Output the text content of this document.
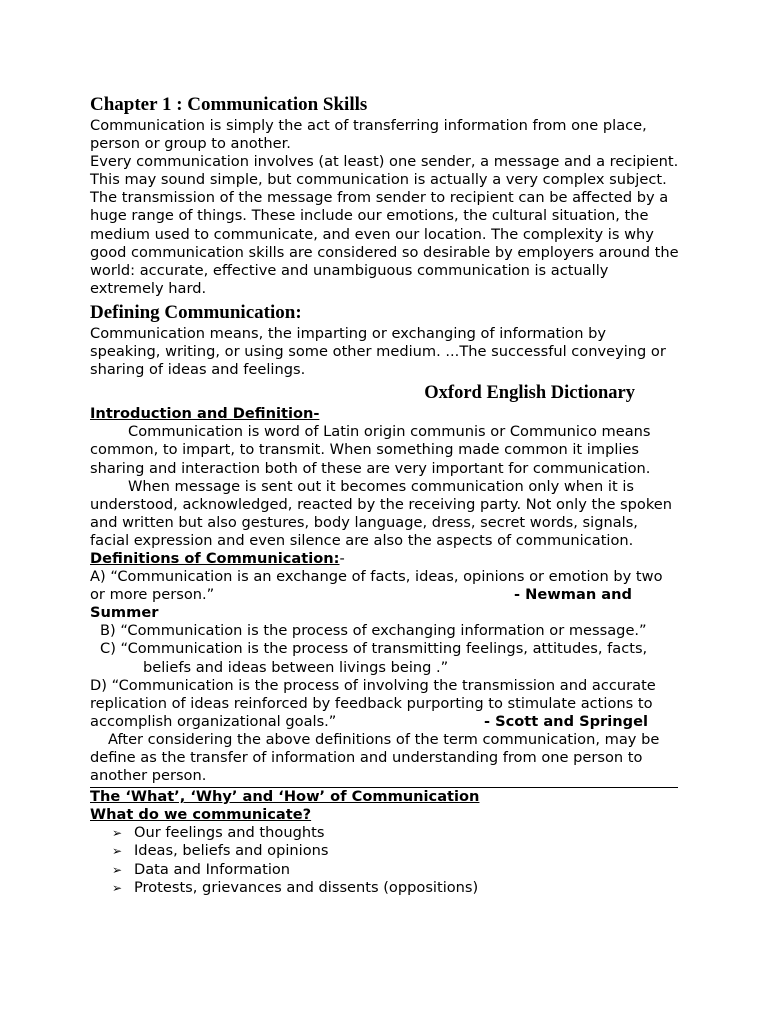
Chapter 1 : Communication Skills

Communication is simply the act of transferring information from one place, person or group to another.

Every communication involves (at least) one sender, a message and a recipient. This may sound simple, but communication is actually a very complex subject.

The transmission of the message from sender to recipient can be affected by a huge range of things. These include our emotions, the cultural situation, the medium used to communicate, and even our location. The complexity is why good communication skills are considered so desirable by employers around the world: accurate, effective and unambiguous communication is actually extremely hard.

Defining Communication:

Communication means, the imparting or exchanging of information by speaking, writing, or using some other medium. ...The successful conveying or sharing of ideas and feelings.

Oxford English Dictionary
Introduction and Definition-

Communication is word of Latin origin communis or Communico means common, to impart, to transmit. When something made common it implies sharing and interaction both of these are very important for communication.

When message is sent out it becomes communication only when it is understood, acknowledged, reacted by the receiving party. Not only the spoken and written but also gestures, body language, dress, secret words, signals, facial expression and even silence are also the aspects of communication.

Definitions of Communication:-
A) “Communication is an exchange of facts, ideas, opinions or emotion by two or more person.”	- Newman and
Summer
B) “Communication is the process of exchanging information or message.”
C) “Communication is the process of transmitting feelings, attitudes, facts,
beliefs and ideas between livings being .”
D) “Communication is the process of involving the transmission and accurate replication of ideas reinforced by feedback purporting to stimulate actions to accomplish organizational goals.”	- Scott and Springel

After considering the above definitions of the term communication, may be define as the transfer of information and understanding from one person to another person.

The ‘What’, ‘Why’ and ‘How’ of Communication
What do we communicate?
➢ Our feelings and thoughts
➢ Ideas, beliefs and opinions
➢ Data and Information
➢ Protests, grievances and dissents (oppositions)
